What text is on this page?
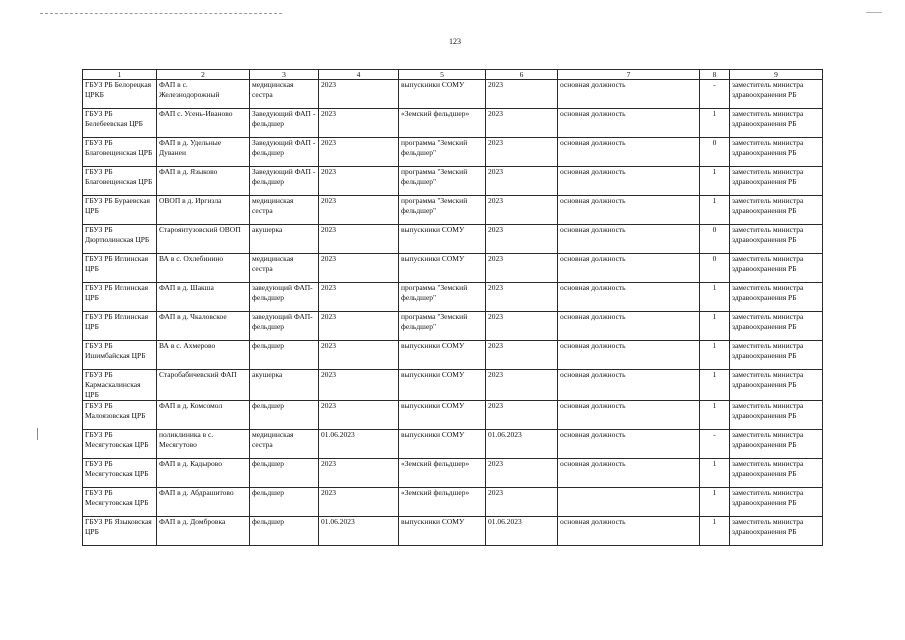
123
1	2	3	4	5	6	7	8	9
ГБУЗ РБ Белорецкая ЦРКБ	ФАП в с. Железнодорожный	медицинская сестра	2023	выпускники СОМУ	2023	основная должность	-	заместитель министра здравоохранения РБ
ГБУЗ РБ Белебеевская ЦРБ	ФАП с. Усень-Иваново	Заведующий ФАП - фельдшер	2023	«Земский фельдшер»	2023	основная должность	1	заместитель министра здравоохранения РБ
ГБУЗ РБ Благовещенская ЦРБ	ФАП в д. Удельные Дуванеи	Заведующий ФАП - фельдшер	2023	программа "Земский фельдшер"	2023	основная должность	0	заместитель министра здравоохранения РБ
ГБУЗ РБ Благовещенская ЦРБ	ФАП в д. Языково	Заведующий ФАП - фельдшер	2023	программа "Земский фельдшер"	2023	основная должность	1	заместитель министра здравоохранения РБ
ГБУЗ РБ Бураевская ЦРБ	ОВОП в д. Иргизла	медицинская сестра	2023	программа "Земский фельдшер"	2023	основная должность	1	заместитель министра здравоохранения РБ
ГБУЗ РБ Дюртюлинская ЦРБ	Староянтузовский ОВОП	акушерка	2023	выпускники СОМУ	2023	основная должность	0	заместитель министра здравоохранения РБ
ГБУЗ РБ Иглинская ЦРБ	ВА в с. Охлебинино	медицинская сестра	2023	выпускники СОМУ	2023	основная должность	0	заместитель министра здравоохранения РБ
ГБУЗ РБ Иглинская ЦРБ	ФАП в д. Шакша	заведующий ФАП-фельдшер	2023	программа "Земский фельдшер"	2023	основная должность	1	заместитель министра здравоохранения РБ
ГБУЗ РБ Иглинская ЦРБ	ФАП в д. Чкаловское	заведующий ФАП-фельдшер	2023	программа "Земский фельдшер"	2023	основная должность	1	заместитель министра здравоохранения РБ
ГБУЗ РБ Ишимбайская ЦРБ	ВА в с. Ахмерово	фельдшер	2023	выпускники СОМУ	2023	основная должность	1	заместитель министра здравоохранения РБ
ГБУЗ РБ Кармаскалинская ЦРБ	Старобабичевский ФАП	акушерка	2023	выпускники СОМУ	2023	основная должность	1	заместитель министра здравоохранения РБ
ГБУЗ РБ Малоязовская ЦРБ	ФАП в д. Комсомол	фельдшер	2023	выпускники СОМУ	2023	основная должность	1	заместитель министра здравоохранения РБ
ГБУЗ РБ Месягутовская ЦРБ	поликлиника в с. Месягутово	медицинская сестра	01.06.2023	выпускники СОМУ	01.06.2023	основная должность	-	заместитель министра здравоохранения РБ
ГБУЗ РБ Месягутовская ЦРБ	ФАП в д. Кадырово	фельдшер	2023	«Земский фельдшер»	2023	основная должность	1	заместитель министра здравоохранения РБ
ГБУЗ РБ Месягутовская ЦРБ	ФАП в д. Абдрашитово	фельдшер	2023	«Земский фельдшер»	2023		1	заместитель министра здравоохранения РБ
ГБУЗ РБ Языковская ЦРБ	ФАП в д. Домбровка	фельдшер	01.06.2023	выпускники СОМУ	01.06.2023	основная должность	1	заместитель министра здравоохранения РБ
